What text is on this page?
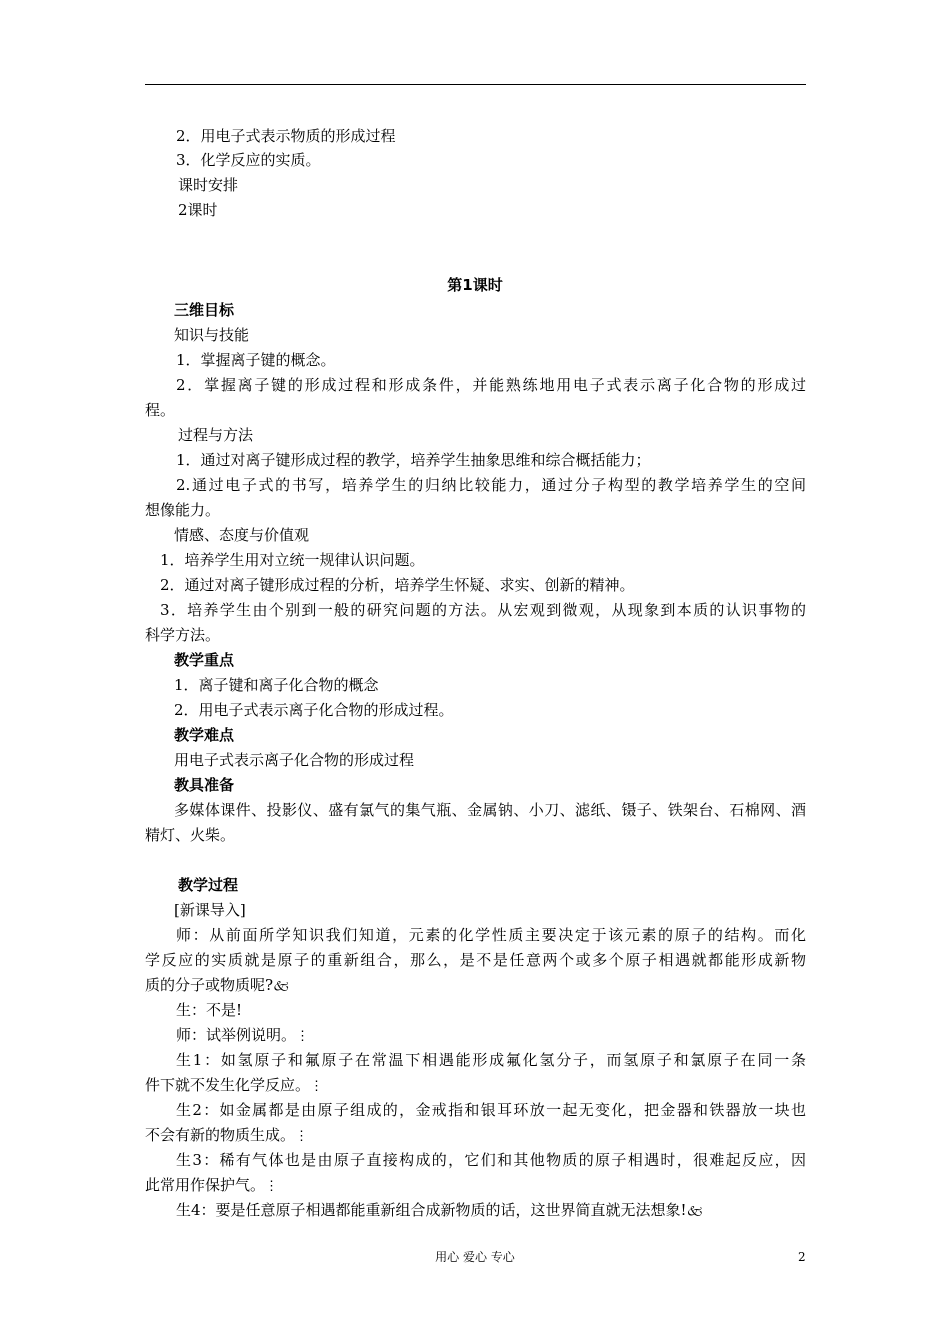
2．用电子式表示物质的形成过程
3．化学反应的实质。
课时安排
2课时
第1课时
三维目标
知识与技能
1．掌握离子键的概念。
2．掌握离子键的形成过程和形成条件，并能熟练地用电子式表示离子化合物的形成过
程。
过程与方法
1．通过对离子键形成过程的教学，培养学生抽象思维和综合概括能力；
2.通过电子式的书写，培养学生的归纳比较能力，通过分子构型的教学培养学生的空间
想像能力。
情感、态度与价值观
1．培养学生用对立统一规律认识问题。
2．通过对离子键形成过程的分析，培养学生怀疑、求实、创新的精神。
3．培养学生由个别到一般的研究问题的方法。从宏观到微观，从现象到本质的认识事物的
科学方法。
教学重点
1．离子键和离子化合物的概念
2．用电子式表示离子化合物的形成过程。
教学难点
用电子式表示离子化合物的形成过程
教具准备
多媒体课件、投影仪、盛有氯气的集气瓶、金属钠、小刀、滤纸、镊子、铁架台、石棉网、酒
精灯、火柴。
教学过程
[新课导入]
师：从前面所学知识我们知道，元素的化学性质主要决定于该元素的原子的结构。而化
学反应的实质就是原子的重新组合，那么，是不是任意两个或多个原子相遇就都能形成新物
质的分子或物质呢?🙵
生：不是!
师：试举例说明。⋮
生1：如氢原子和氟原子在常温下相遇能形成氟化氢分子，而氢原子和氯原子在同一条
件下就不发生化学反应。⋮
生2：如金属都是由原子组成的，金戒指和银耳环放一起无变化，把金器和铁器放一块也
不会有新的物质生成。⋮
生3：稀有气体也是由原子直接构成的，它们和其他物质的原子相遇时，很难起反应，因
此常用作保护气。⋮
生4：要是任意原子相遇都能重新组合成新物质的话，这世界简直就无法想象!🙵
用心 爱心 专心	2
